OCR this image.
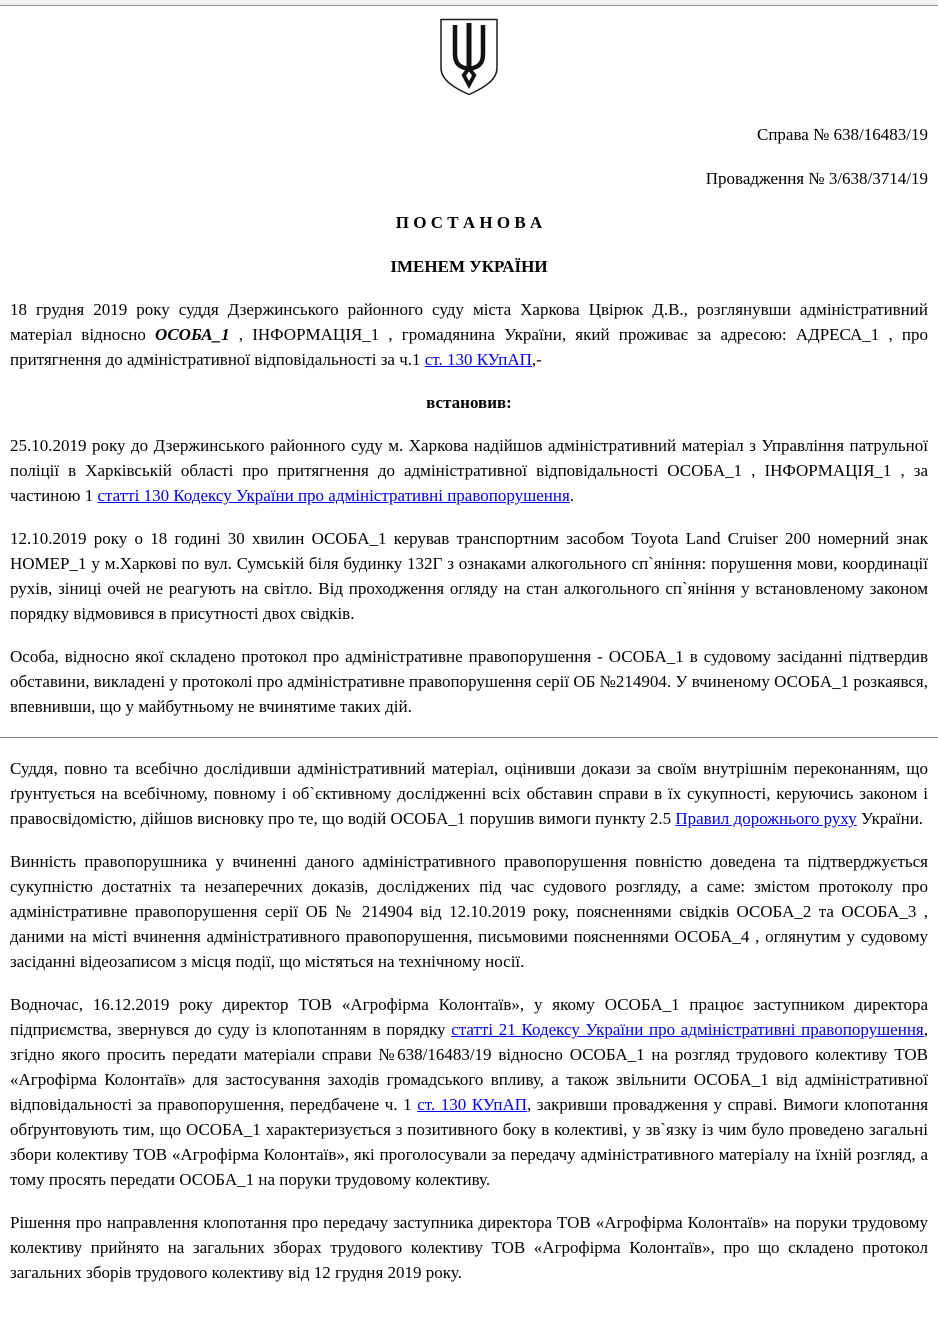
Справа № 638/16483/19
Провадження № 3/638/3714/19
П О С Т А Н О В А
ІМЕНЕМ УКРАЇНИ

18 грудня 2019 року суддя Дзержинського районного суду міста Харкова Цвірюк Д.В., розглянувши адміністративний матеріал відносно ОСОБА_1 , ІНФОРМАЦІЯ_1 , громадянина України, який проживає за адресою: АДРЕСА_1 , про притягнення до адміністративної відповідальності за ч.1 ст. 130 КУпАП,-

встановив:

25.10.2019 року до Дзержинського районного суду м. Харкова надійшов адміністративний матеріал з Управління патрульної поліції в Харківській області про притягнення до адміністративної відповідальності ОСОБА_1 , ІНФОРМАЦІЯ_1 , за частиною 1 статті 130 Кодексу України про адміністративні правопорушення.

12.10.2019 року о 18 годині 30 хвилин ОСОБА_1 керував транспортним засобом Toyota Land Cruiser 200 номерний знак НОМЕР_1 у м.Харкові по вул. Сумській біля будинку 132Г з ознаками алкогольного сп`яніння: порушення мови, координації рухів, зіниці очей не реагують на світло. Від проходження огляду на стан алкогольного сп`яніння у встановленому законом порядку відмовився в присутності двох свідків.

Особа, відносно якої складено протокол про адміністративне правопорушення - ОСОБА_1 в судовому засіданні підтвердив обставини, викладені у протоколі про адміністративне правопорушення серії ОБ №214904. У вчиненому ОСОБА_1 розкаявся, впевнивши, що у майбутньому не вчинятиме таких дій.

Суддя, повно та всебічно дослідивши адміністративний матеріал, оцінивши докази за своїм внутрішнім переконанням, що ґрунтується на всебічному, повному і об`єктивному дослідженні всіх обставин справи в їх сукупності, керуючись законом і правосвідомістю, дійшов висновку про те, що водій ОСОБА_1 порушив вимоги пункту 2.5 Правил дорожнього руху України.

Винність правопорушника у вчиненні даного адміністративного правопорушення повністю доведена та підтверджується сукупністю достатніх та незаперечних доказів, досліджених під час судового розгляду, а саме: змістом протоколу про адміністративне правопорушення серії ОБ № 214904 від 12.10.2019 року, поясненнями свідків ОСОБА_2 та ОСОБА_3 , даними на місті вчинення адміністративного правопорушення, письмовими поясненнями ОСОБА_4 , оглянутим у судовому засіданні відеозаписом з місця події, що містяться на технічному носії.

Водночас, 16.12.2019 року директор ТОВ «Агрофірма Колонтаїв», у якому ОСОБА_1 працює заступником директора підприємства, звернувся до суду із клопотанням в порядку статті 21 Кодексу України про адміністративні правопорушення, згідно якого просить передати матеріали справи №638/16483/19 відносно ОСОБА_1 на розгляд трудового колективу ТОВ «Агрофірма Колонтаїв» для застосування заходів громадського впливу, а також звільнити ОСОБА_1 від адміністративної відповідальності за правопорушення, передбачене ч. 1 ст. 130 КУпАП, закривши провадження у справі. Вимоги клопотання обґрунтовують тим, що ОСОБА_1 характеризується з позитивного боку в колективі, у зв`язку із чим було проведено загальні збори колективу ТОВ «Агрофірма Колонтаїв», які проголосували за передачу адміністративного матеріалу на їхній розгляд, а тому просять передати ОСОБА_1 на поруки трудовому колективу.

Рішення про направлення клопотання про передачу заступника директора ТОВ «Агрофірма Колонтаїв» на поруки трудовому колективу прийнято на загальних зборах трудового колективу ТОВ «Агрофірма Колонтаїв», про що складено протокол загальних зборів трудового колективу від 12 грудня 2019 року.
